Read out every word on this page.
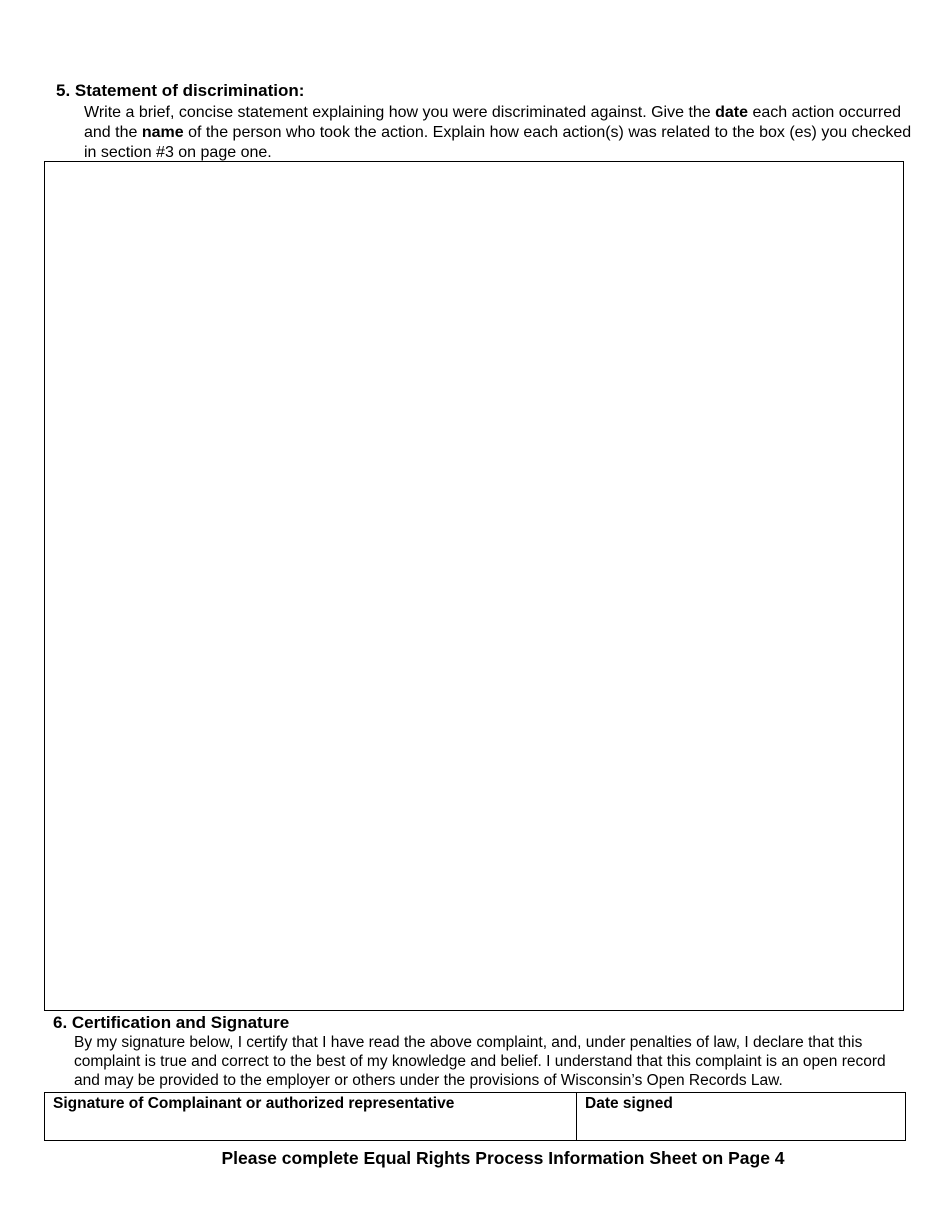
5. Statement of discrimination:

Write a brief, concise statement explaining how you were discriminated against. Give the date each action occurred and the name of the person who took the action. Explain how each action(s) was related to the box (es) you checked in section #3 on page one.

6. Certification and Signature

By my signature below, I certify that I have read the above complaint, and, under penalties of law, I declare that this complaint is true and correct to the best of my knowledge and belief. I understand that this complaint is an open record and may be provided to the employer or others under the provisions of Wisconsin’s Open Records Law.

Signature of Complainant or authorized representative	Date signed

Please complete Equal Rights Process Information Sheet on Page 4
